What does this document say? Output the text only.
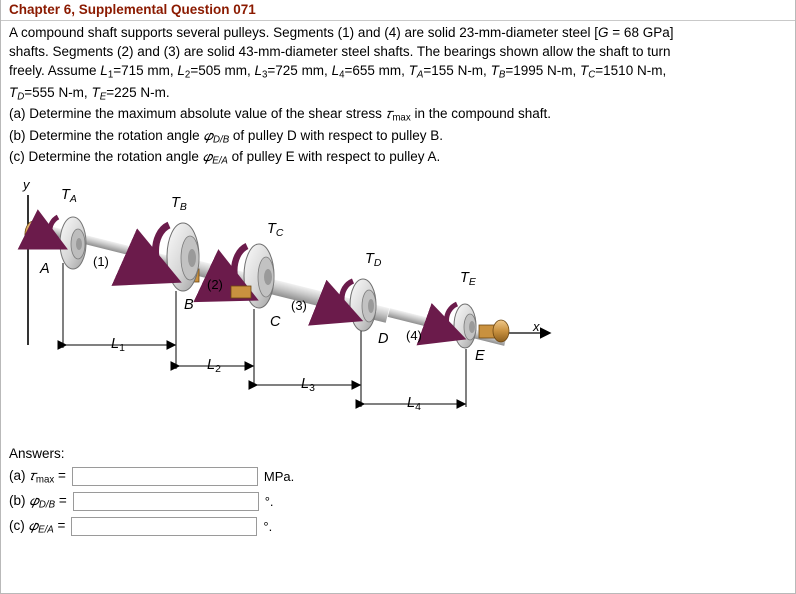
Chapter 6, Supplemental Question 071

A compound shaft supports several pulleys. Segments (1) and (4) are solid 23-mm-diameter steel [G = 68 GPa]

shafts. Segments (2) and (3) are solid 43-mm-diameter steel shafts. The bearings shown allow the shaft to turn

freely. Assume $L_1=715$ mm, $L_2=505$ mm, $L_3=725$ mm, $L_4=655$ mm, $T_A=155$ N-m, $T_B=1995$ N-m, $T_C=1510$ N-m,

$T_D=555$ N-m, $T_E=225$ N-m.

(a) Determine the maximum absolute value of the shear stress 𝜏$_{max}$ in the compound shaft.

(b) Determine the rotation angle 𝜑$_{D/B}$ of pulley D with respect to pulley B.

(c) Determine the rotation angle 𝜑$_{E/A}$ of pulley E with respect to pulley A.

y
x
$T_A$	$T_B$
$T_C$
$T_D$
$T_E$
A
B
C
D
E
(1)
(2)
(3)
(4)
$L_1$
$L_2$
$L_3$
$L_4$
Answers:
(a) 𝜏$_{max}$ =	MPa.
(b) 𝜑$_{D/B}$ =	°.
(c) 𝜑$_{E/A}$ =	°.
